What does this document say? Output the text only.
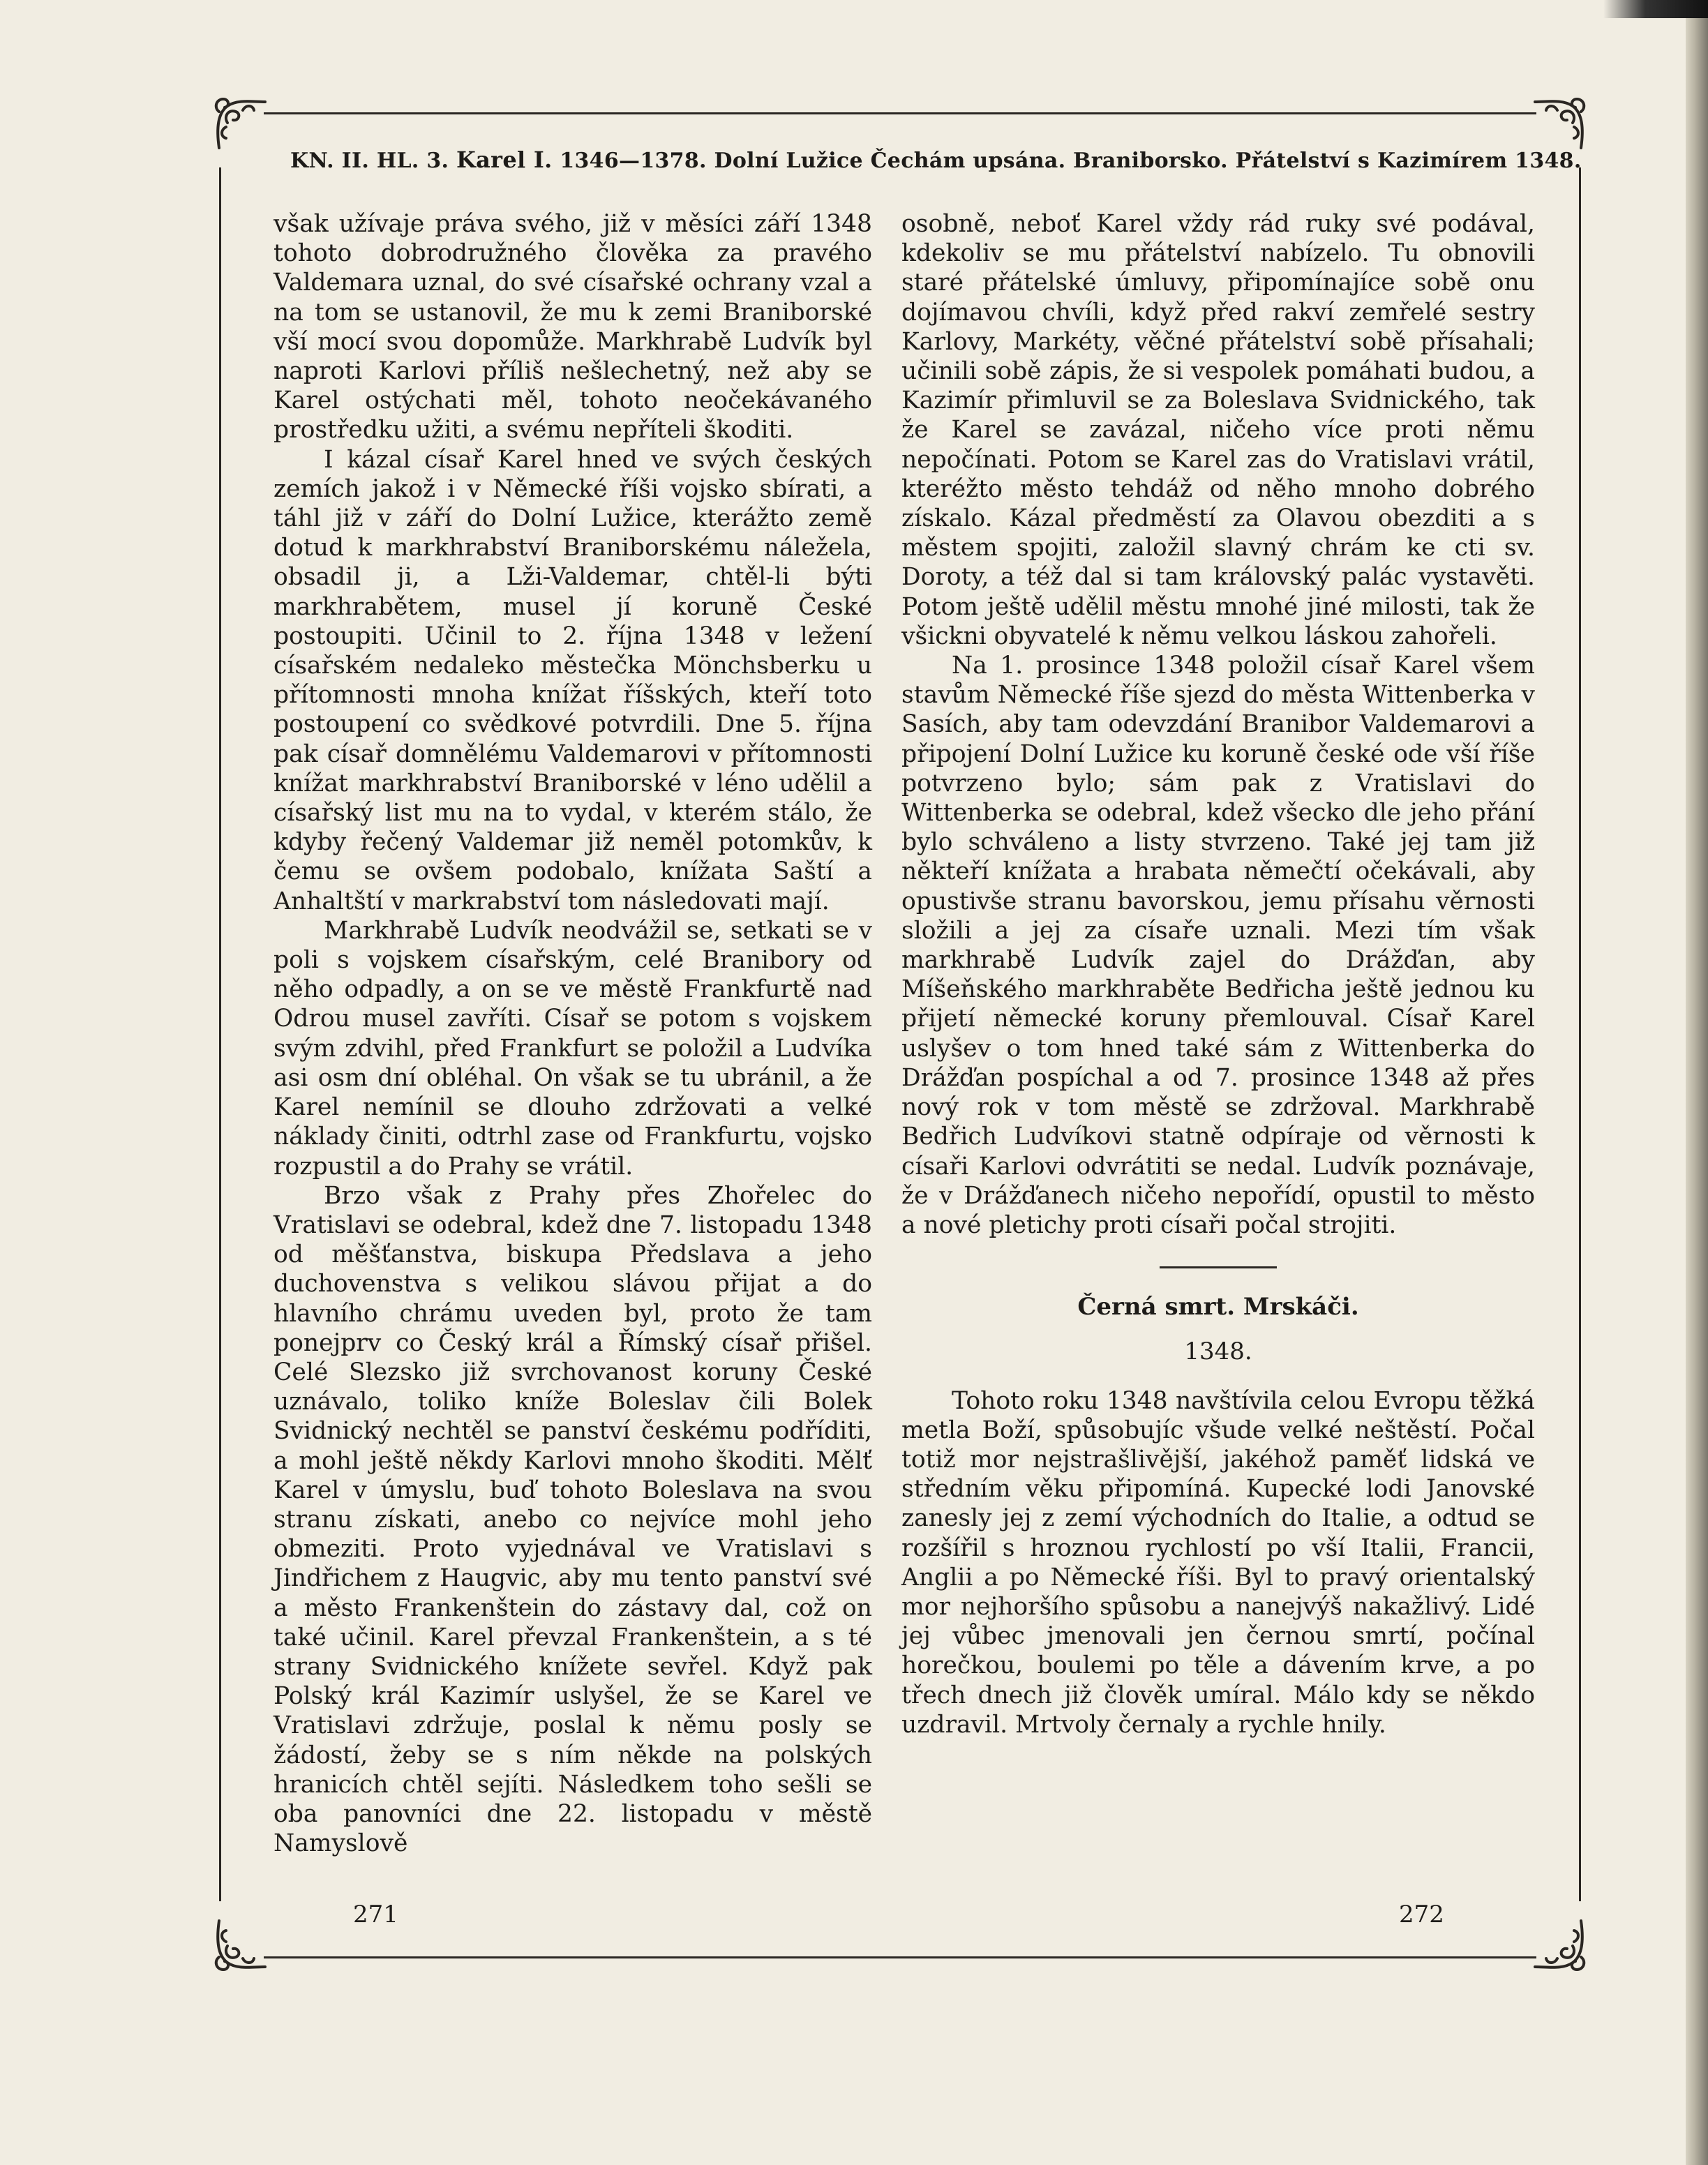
KN. II. HL. 3. Karel I. 1346—1378. Dolní Lužice Čechám upsána. Braniborsko. Přátelství s Kazimírem 1348.

však užívaje práva svého, již v měsíci září 1348 tohoto dobrodružného člověka za pravého Valdemara uznal, do své císařské ochrany vzal a na tom se ustanovil, že mu k zemi Braniborské vší mocí svou dopomůže. Markhrabě Ludvík byl naproti Karlovi příliš nešlechetný, než aby se Karel ostýchati měl, tohoto neočekávaného prostředku užiti, a svému nepříteli škoditi.

I kázal císař Karel hned ve svých českých zemích jakož i v Německé říši vojsko sbírati, a táhl již v září do Dolní Lužice, kterážto země dotud k markhrabství Braniborskému náležela, obsadil ji, a Lži-Valdemar, chtěl-li býti markhrabětem, musel jí koruně České postoupiti. Učinil to 2. října 1348 v ležení císařském nedaleko městečka Mönchsberku u přítomnosti mnoha knížat říšských, kteří toto postoupení co svědkové potvrdili. Dne 5. října pak císař domnělému Valdemarovi v přítomnosti knížat markhrabství Braniborské v léno udělil a císařský list mu na to vydal, v kterém stálo, že kdyby řečený Valdemar již neměl potomkův, k čemu se ovšem podobalo, knížata Saští a Anhaltští v markrabství tom následovati mají.

Markhrabě Ludvík neodvážil se, setkati se v poli s vojskem císařským, celé Branibory od něho odpadly, a on se ve městě Frankfurtě nad Odrou musel zavříti. Císař se potom s vojskem svým zdvihl, před Frankfurt se položil a Ludvíka asi osm dní obléhal. On však se tu ubránil, a že Karel nemínil se dlouho zdržovati a velké náklady činiti, odtrhl zase od Frankfurtu, vojsko rozpustil a do Prahy se vrátil.

Brzo však z Prahy přes Zhořelec do Vratislavi se odebral, kdež dne 7. listopadu 1348 od měšťanstva, biskupa Předslava a jeho duchovenstva s velikou slávou přijat a do hlavního chrámu uveden byl, proto že tam ponejprv co Český král a Římský císař přišel. Celé Slezsko již svrchovanost koruny České uznávalo, toliko kníže Boleslav čili Bolek Svidnický nechtěl se panství českému podříditi, a mohl ještě někdy Karlovi mnoho škoditi. Mělť Karel v úmyslu, buď tohoto Boleslava na svou stranu získati, anebo co nejvíce mohl jeho obmeziti. Proto vyjednával ve Vratislavi s Jindřichem z Haugvic, aby mu tento panství své a město Frankenštein do zástavy dal, což on také učinil. Karel převzal Frankenštein, a s té strany Svidnického knížete sevřel. Když pak Polský král Kazimír uslyšel, že se Karel ve Vratislavi zdržuje, poslal k němu posly se žádostí, žeby se s ním někde na polských hranicích chtěl sejíti. Následkem toho sešli se oba panovníci dne 22. listopadu v městě Namyslově

osobně, neboť Karel vždy rád ruky své podával, kdekoliv se mu přátelství nabízelo. Tu obnovili staré přátelské úmluvy, připomínajíce sobě onu dojímavou chvíli, když před rakví zemřelé sestry Karlovy, Markéty, věčné přátelství sobě přísahali; učinili sobě zápis, že si vespolek pomáhati budou, a Kazimír přimluvil se za Boleslava Svidnického, tak že Karel se zavázal, ničeho více proti němu nepočínati. Potom se Karel zas do Vratislavi vrátil, kteréžto město tehdáž od něho mnoho dobrého získalo. Kázal předměstí za Olavou obezditi a s městem spojiti, založil slavný chrám ke cti sv. Doroty, a též dal si tam královský palác vystavěti. Potom ještě udělil městu mnohé jiné milosti, tak že všickni obyvatelé k němu velkou láskou zahořeli.

Na 1. prosince 1348 položil císař Karel všem stavům Německé říše sjezd do města Wittenberka v Sasích, aby tam odevzdání Branibor Valdemarovi a připojení Dolní Lužice ku koruně české ode vší říše potvrzeno bylo; sám pak z Vratislavi do Wittenberka se odebral, kdež všecko dle jeho přání bylo schváleno a listy stvrzeno. Také jej tam již někteří knížata a hrabata němečtí očekávali, aby opustivše stranu bavorskou, jemu přísahu věrnosti složili a jej za císaře uznali. Mezi tím však markhrabě Ludvík zajel do Drážďan, aby Míšeňského markhraběte Bedřicha ještě jednou ku přijetí německé koruny přemlouval. Císař Karel uslyšev o tom hned také sám z Wittenberka do Drážďan pospíchal a od 7. prosince 1348 až přes nový rok v tom městě se zdržoval. Markhrabě Bedřich Ludvíkovi statně odpíraje od věrnosti k císaři Karlovi odvrátiti se nedal. Ludvík poznávaje, že v Drážďanech ničeho nepořídí, opustil to město a nové pletichy proti císaři počal strojiti.

Černá smrt. Mrskáči.
1348.

Tohoto roku 1348 navštívila celou Evropu těžká metla Boží, spůsobujíc všude velké neštěstí. Počal totiž mor nejstrašlivější, jakéhož paměť lidská ve středním věku připomíná. Kupecké lodi Janovské zanesly jej z zemí východních do Italie, a odtud se rozšířil s hroznou rychlostí po vší Italii, Francii, Anglii a po Německé říši. Byl to pravý orientalský mor nejhoršího spůsobu a nanejvýš nakažlivý. Lidé jej vůbec jmenovali jen černou smrtí, počínal horečkou, boulemi po těle a dávením krve, a po třech dnech již člověk umíral. Málo kdy se někdo uzdravil. Mrtvoly černaly a rychle hnily.

271	272
